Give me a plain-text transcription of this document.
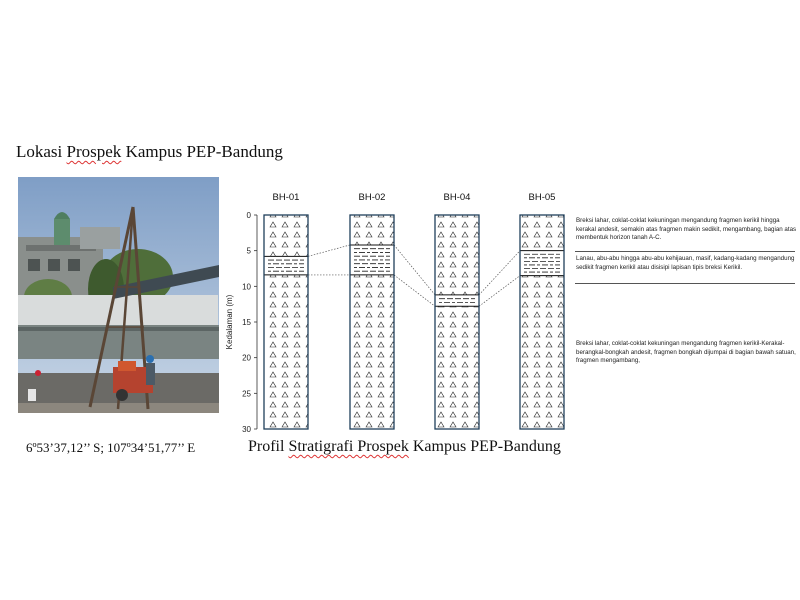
Lokasi Prospek Kampus PEP-Bandung
6º53’37,12’’ S; 107º34’51,77’’ E
0
5
10
15
20
25
30
Kedalaman (m)
BH-01	BH-02	BH-04	BH-05

Breksi lahar, coklat-coklat kekuningan mengandung fragmen kerikil hingga kerakal andesit, semakin atas fragmen makin sedikit, mengambang, bagian atas membentuk horizon tanah A-C.

Lanau, abu-abu hingga abu-abu kehijauan, masif, kadang-kadang mengandung sedikit fragmen kerikil atau disisipi lapisan tipis breksi Kerikil.

Breksi lahar, coklat-coklat kekuningan mengandung fragmen kerikil-Kerakal-berangkal-bongkah andesit, fragmen bongkah dijumpai di bagian bawah satuan, fragmen mengambang,

Profil Stratigrafi Prospek Kampus PEP-Bandung
